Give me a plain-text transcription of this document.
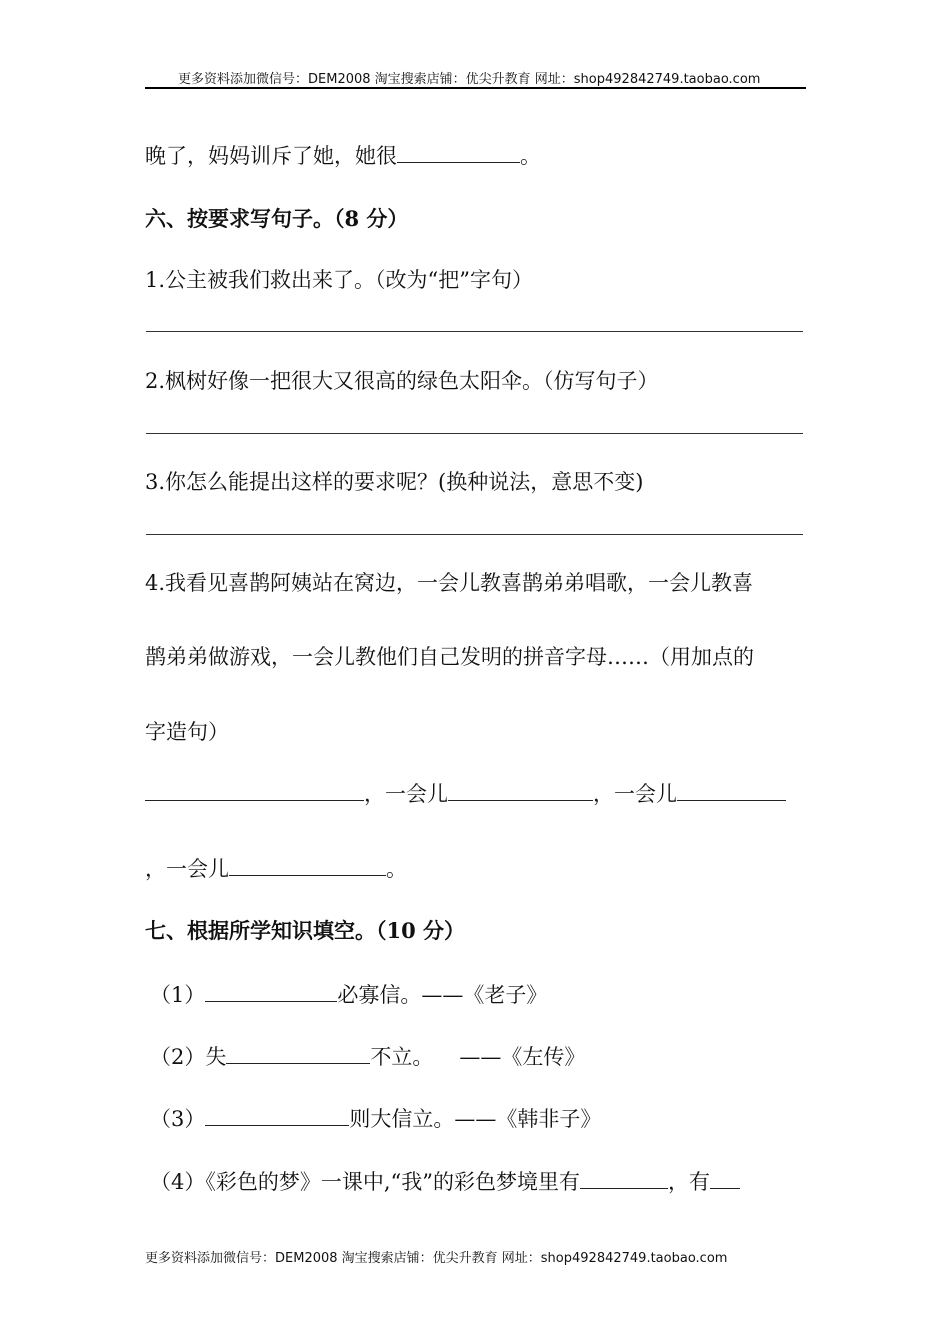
更多资料添加微信号：DEM2008 淘宝搜索店铺：优尖升教育 网址：shop492842749.taobao.com
晚了，妈妈训斥了她，她很	。
六、按要求写句子。（8 分）
1.公主被我们救出来了。（改为“把”字句）
2.枫树好像一把很大又很高的绿色太阳伞。（仿写句子）
3.你怎么能提出这样的要求呢？(换种说法，意思不变)
4.我看见喜鹊阿姨站在窝边，一会儿教喜鹊弟弟唱歌，一会儿教喜
鹊弟弟做游戏，一会儿教他们自己发明的拼音字母……（用加点的
字造句）
，一会儿	，一会儿
，一会儿	。
七、根据所学知识填空。（10 分）
（1）	必寡信。——《老子》
（2）失	不立。 ——《左传》
（3）	则大信立。——《韩非子》
（4）《彩色的梦》一课中,“我”的彩色梦境里有	，有
更多资料添加微信号：DEM2008 淘宝搜索店铺：优尖升教育 网址：shop492842749.taobao.com
